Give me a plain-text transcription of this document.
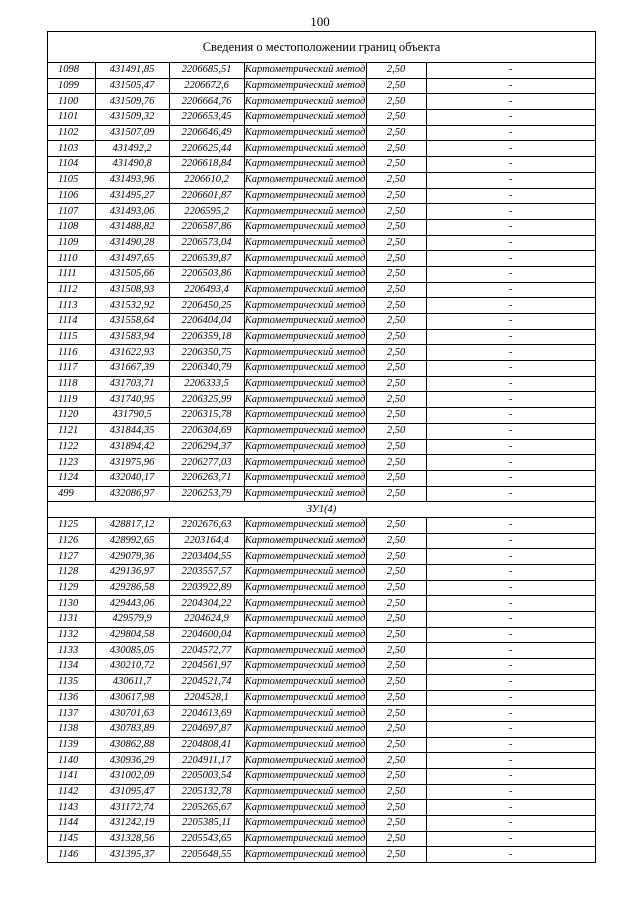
100
Сведения о местоположении границ объекта
1098	431491,85	2206685,51	Картометрический метод	2,50	-
1099	431505,47	2206672,6	Картометрический метод	2,50	-
1100	431509,76	2206664,76	Картометрический метод	2,50	-
1101	431509,32	2206653,45	Картометрический метод	2,50	-
1102	431507,09	2206646,49	Картометрический метод	2,50	-
1103	431492,2	2206625,44	Картометрический метод	2,50	-
1104	431490,8	2206618,84	Картометрический метод	2,50	-
1105	431493,96	2206610,2	Картометрический метод	2,50	-
1106	431495,27	2206601,87	Картометрический метод	2,50	-
1107	431493,06	2206595,2	Картометрический метод	2,50	-
1108	431488,82	2206587,86	Картометрический метод	2,50	-
1109	431490,28	2206573,04	Картометрический метод	2,50	-
1110	431497,65	2206539,87	Картометрический метод	2,50	-
1111	431505,66	2206503,86	Картометрический метод	2,50	-
1112	431508,93	2206493,4	Картометрический метод	2,50	-
1113	431532,92	2206450,25	Картометрический метод	2,50	-
1114	431558,64	2206404,04	Картометрический метод	2,50	-
1115	431583,94	2206359,18	Картометрический метод	2,50	-
1116	431622,93	2206350,75	Картометрический метод	2,50	-
1117	431667,39	2206340,79	Картометрический метод	2,50	-
1118	431703,71	2206333,5	Картометрический метод	2,50	-
1119	431740,95	2206325,99	Картометрический метод	2,50	-
1120	431790,5	2206315,78	Картометрический метод	2,50	-
1121	431844,35	2206304,69	Картометрический метод	2,50	-
1122	431894,42	2206294,37	Картометрический метод	2,50	-
1123	431975,96	2206277,03	Картометрический метод	2,50	-
1124	432040,17	2206263,71	Картометрический метод	2,50	-
499	432086,97	2206253,79	Картометрический метод	2,50	-
ЗУ1(4)					
1125	428817,12	2202676,63	Картометрический метод	2,50	-
1126	428992,65	2203164,4	Картометрический метод	2,50	-
1127	429079,36	2203404,55	Картометрический метод	2,50	-
1128	429136,97	2203557,57	Картометрический метод	2,50	-
1129	429286,58	2203922,89	Картометрический метод	2,50	-
1130	429443,06	2204304,22	Картометрический метод	2,50	-
1131	429579,9	2204624,9	Картометрический метод	2,50	-
1132	429804,58	2204600,04	Картометрический метод	2,50	-
1133	430085,05	2204572,77	Картометрический метод	2,50	-
1134	430210,72	2204561,97	Картометрический метод	2,50	-
1135	430611,7	2204521,74	Картометрический метод	2,50	-
1136	430617,98	2204528,1	Картометрический метод	2,50	-
1137	430701,63	2204613,69	Картометрический метод	2,50	-
1138	430783,89	2204697,87	Картометрический метод	2,50	-
1139	430862,88	2204808,41	Картометрический метод	2,50	-
1140	430936,29	2204911,17	Картометрический метод	2,50	-
1141	431002,09	2205003,54	Картометрический метод	2,50	-
1142	431095,47	2205132,78	Картометрический метод	2,50	-
1143	431172,74	2205265,67	Картометрический метод	2,50	-
1144	431242,19	2205385,11	Картометрический метод	2,50	-
1145	431328,56	2205543,65	Картометрический метод	2,50	-
1146	431395,37	2205648,55	Картометрический метод	2,50	-
